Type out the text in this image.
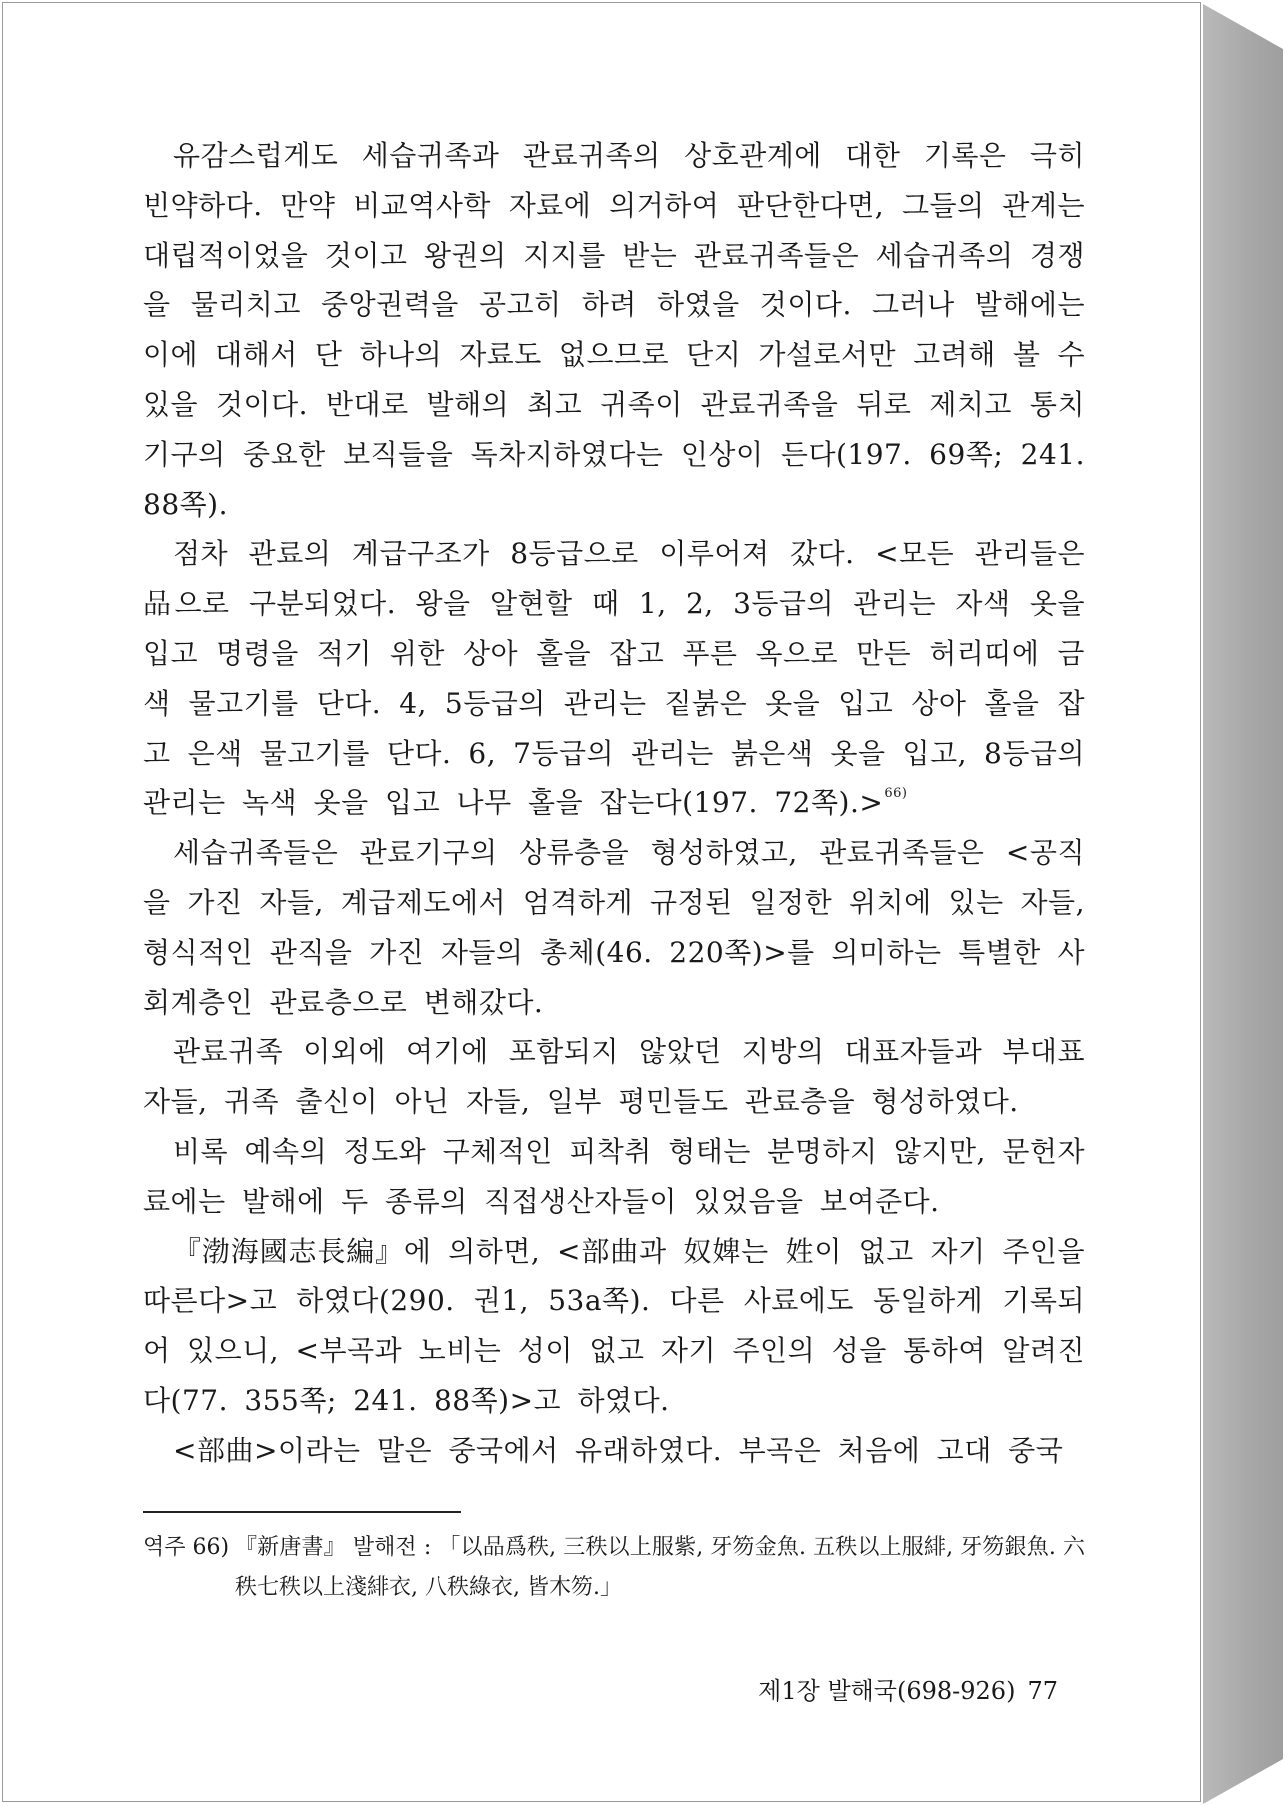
유감스럽게도 세습귀족과 관료귀족의 상호관계에 대한 기록은 극히 빈약하다. 만약 비교역사학 자료에 의거하여 판단한다면, 그들의 관계는 대립적이었을 것이고 왕권의 지지를 받는 관료귀족들은 세습귀족의 경쟁을 물리치고 중앙권력을 공고히 하려 하였을 것이다. 그러나 발해에는 이에 대해서 단 하나의 자료도 없으므로 단지 가설로서만 고려해 볼 수 있을 것이다. 반대로 발해의 최고 귀족이 관료귀족을 뒤로 제치고 통치기구의 중요한 보직들을 독차지하였다는 인상이 든다(197. 69쪽; 241. 88쪽).

점차 관료의 계급구조가 8등급으로 이루어져 갔다. <모든 관리들은 品으로 구분되었다. 왕을 알현할 때 1, 2, 3등급의 관리는 자색 옷을 입고 명령을 적기 위한 상아 홀을 잡고 푸른 옥으로 만든 허리띠에 금색 물고기를 단다. 4, 5등급의 관리는 짙붉은 옷을 입고 상아 홀을 잡고 은색 물고기를 단다. 6, 7등급의 관리는 붉은색 옷을 입고, 8등급의 관리는 녹색 옷을 입고 나무 홀을 잡는다(197. 72쪽).>$^{66)}$

세습귀족들은 관료기구의 상류층을 형성하였고, 관료귀족들은 <공직을 가진 자들, 계급제도에서 엄격하게 규정된 일정한 위치에 있는 자들, 형식적인 관직을 가진 자들의 총체(46. 220쪽)>를 의미하는 특별한 사회계층인 관료층으로 변해갔다.

관료귀족 이외에 여기에 포함되지 않았던 지방의 대표자들과 부대표자들, 귀족 출신이 아닌 자들, 일부 평민들도 관료층을 형성하였다.

비록 예속의 정도와 구체적인 피착취 형태는 분명하지 않지만, 문헌자료에는 발해에 두 종류의 직접생산자들이 있었음을 보여준다.

『渤海國志長編』에 의하면, <部曲과 奴婢는 姓이 없고 자기 주인을 따른다>고 하였다(290. 권1, 53a쪽). 다른 사료에도 동일하게 기록되어 있으니, <부곡과 노비는 성이 없고 자기 주인의 성을 통하여 알려진다(77. 355쪽; 241. 88쪽)>고 하였다.

<部曲>이라는 말은 중국에서 유래하였다. 부곡은 처음에 고대 중국

역주 66) 『新唐書』 발해전 : 「以品爲秩, 三秩以上服紫, 牙笏金魚. 五秩以上服緋, 牙笏銀魚. 六秩七秩以上淺緋衣, 八秩綠衣, 皆木笏.」
제1장 발해국(698-926) 77
